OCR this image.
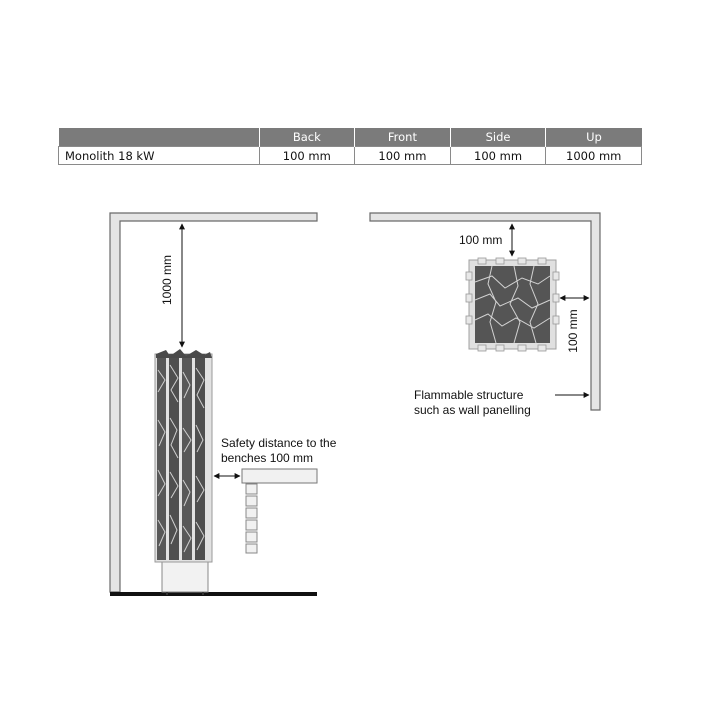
	Back	Front	Side	Up
Monolith 18 kW	100 mm	100 mm	100 mm	1000 mm
1000 mm
Safety distance to the
benches 100 mm
100 mm
100 mm
Flammable structure
such as wall panelling
